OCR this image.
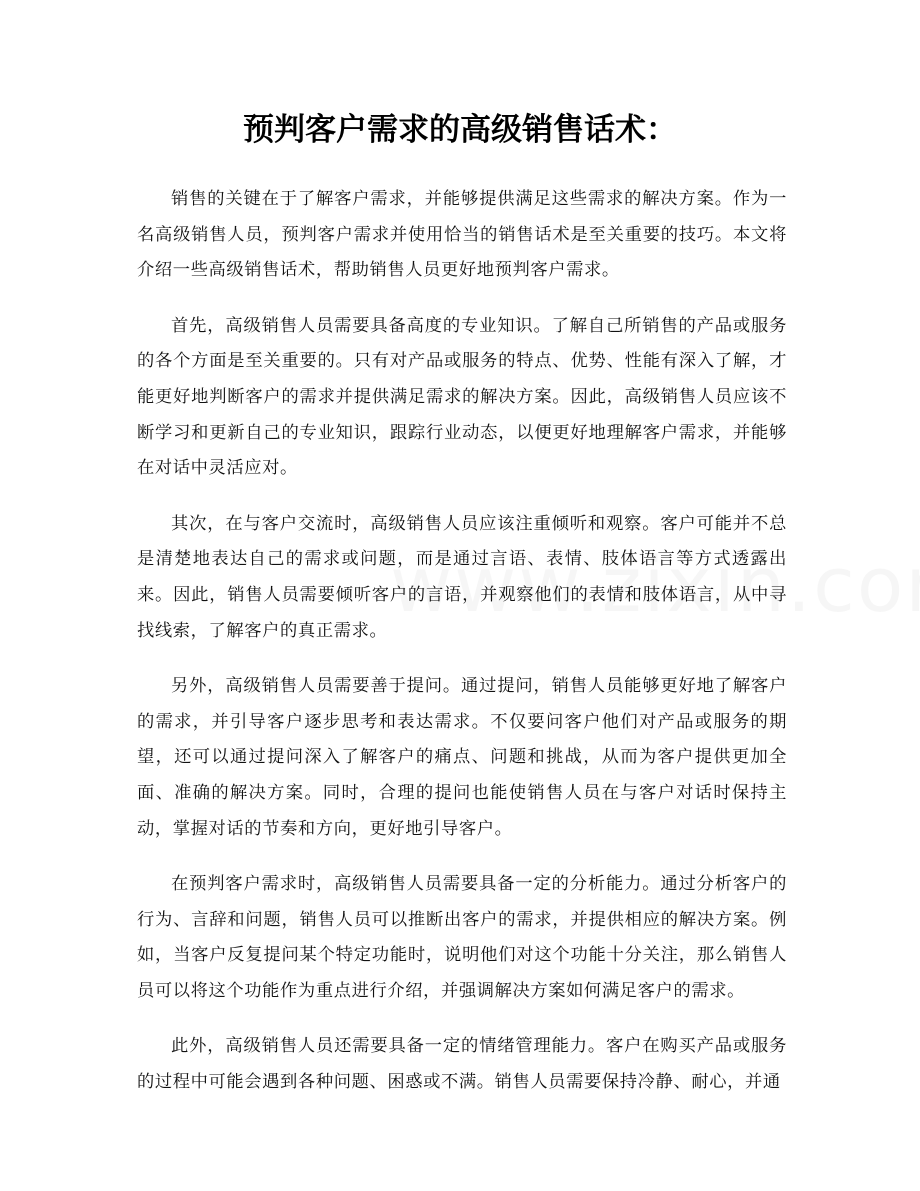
预判客户需求的高级销售话术：

销售的关键在于了解客户需求，并能够提供满足这些需求的解决方案。作为一名高级销售人员，预判客户需求并使用恰当的销售话术是至关重要的技巧。本文将介绍一些高级销售话术，帮助销售人员更好地预判客户需求。

首先，高级销售人员需要具备高度的专业知识。了解自己所销售的产品或服务的各个方面是至关重要的。只有对产品或服务的特点、优势、性能有深入了解，才能更好地判断客户的需求并提供满足需求的解决方案。因此，高级销售人员应该不断学习和更新自己的专业知识，跟踪行业动态，以便更好地理解客户需求，并能够在对话中灵活应对。

其次，在与客户交流时，高级销售人员应该注重倾听和观察。客户可能并不总是清楚地表达自己的需求或问题，而是通过言语、表情、肢体语言等方式透露出来。因此，销售人员需要倾听客户的言语，并观察他们的表情和肢体语言，从中寻找线索，了解客户的真正需求。

另外，高级销售人员需要善于提问。通过提问，销售人员能够更好地了解客户的需求，并引导客户逐步思考和表达需求。不仅要问客户他们对产品或服务的期望，还可以通过提问深入了解客户的痛点、问题和挑战，从而为客户提供更加全面、准确的解决方案。同时，合理的提问也能使销售人员在与客户对话时保持主动，掌握对话的节奏和方向，更好地引导客户。

在预判客户需求时，高级销售人员需要具备一定的分析能力。通过分析客户的行为、言辞和问题，销售人员可以推断出客户的需求，并提供相应的解决方案。例如，当客户反复提问某个特定功能时，说明他们对这个功能十分关注，那么销售人员可以将这个功能作为重点进行介绍，并强调解决方案如何满足客户的需求。

此外，高级销售人员还需要具备一定的情绪管理能力。客户在购买产品或服务的过程中可能会遇到各种问题、困惑或不满。销售人员需要保持冷静、耐心，并通
